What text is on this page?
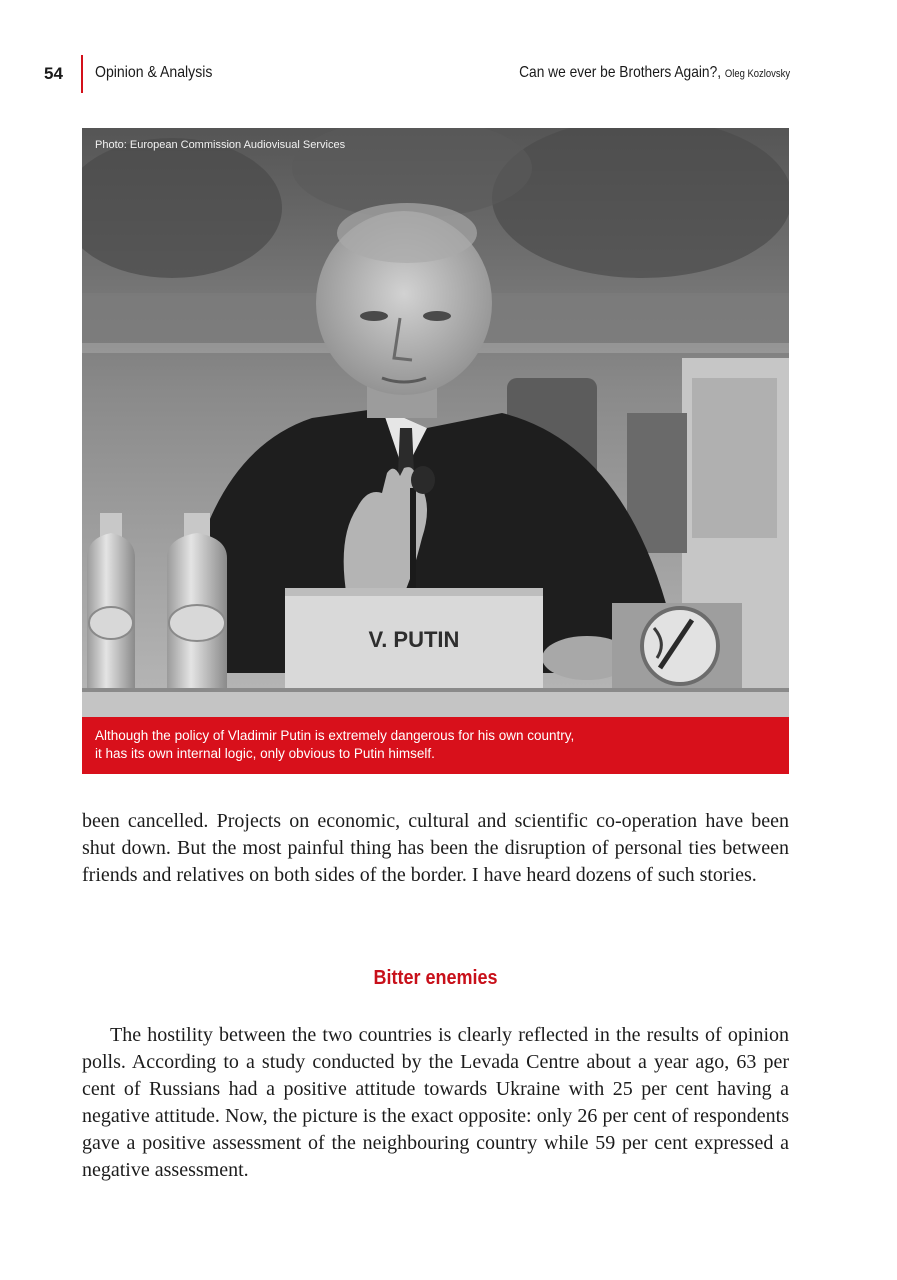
54 Opinion & Analysis	Can we ever be Brothers Again?, Oleg Kozlovsky
V. PUTIN
Photo: European Commission Audiovisual Services
Although the policy of Vladimir Putin is extremely dangerous for his own country, it has its own internal logic, only obvious to Putin himself.

been cancelled. Projects on economic, cultural and scientific co-operation have been shut down. But the most painful thing has been the disruption of personal ties between friends and relatives on both sides of the border. I have heard dozens of such stories.

Bitter enemies

The hostility between the two countries is clearly reflected in the results of opinion polls. According to a study conducted by the Levada Centre about a year ago, 63 per cent of Russians had a positive attitude towards Ukraine with 25 per cent having a negative attitude. Now, the picture is the exact opposite: only 26 per cent of respondents gave a positive assessment of the neighbouring country while 59 per cent expressed a negative assessment.
